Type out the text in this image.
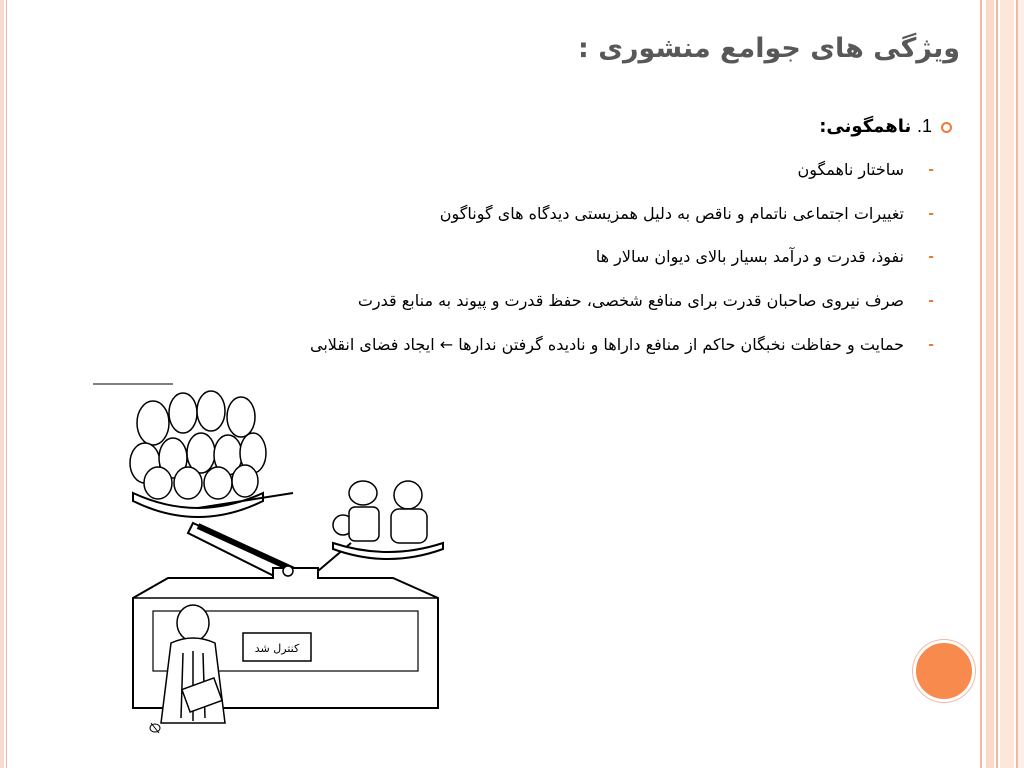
ویژگی های جوامع منشوری :
1. ناهمگونی:
-
ساختار ناهمگون
-
تغییرات اجتماعی ناتمام و ناقص به دلیل همزیستی دیدگاه های گوناگون
-
نفوذ، قدرت و درآمد بسیار بالای دیوان سالار ها
-
صرف نیروی صاحبان قدرت برای منافع شخصی، حفظ قدرت و پیوند به منابع قدرت
-
حمایت و حفاظت نخبگان حاکم از منافع داراها و نادیده گرفتن ندارها ← ایجاد فضای انقلابی
کنترل شد
